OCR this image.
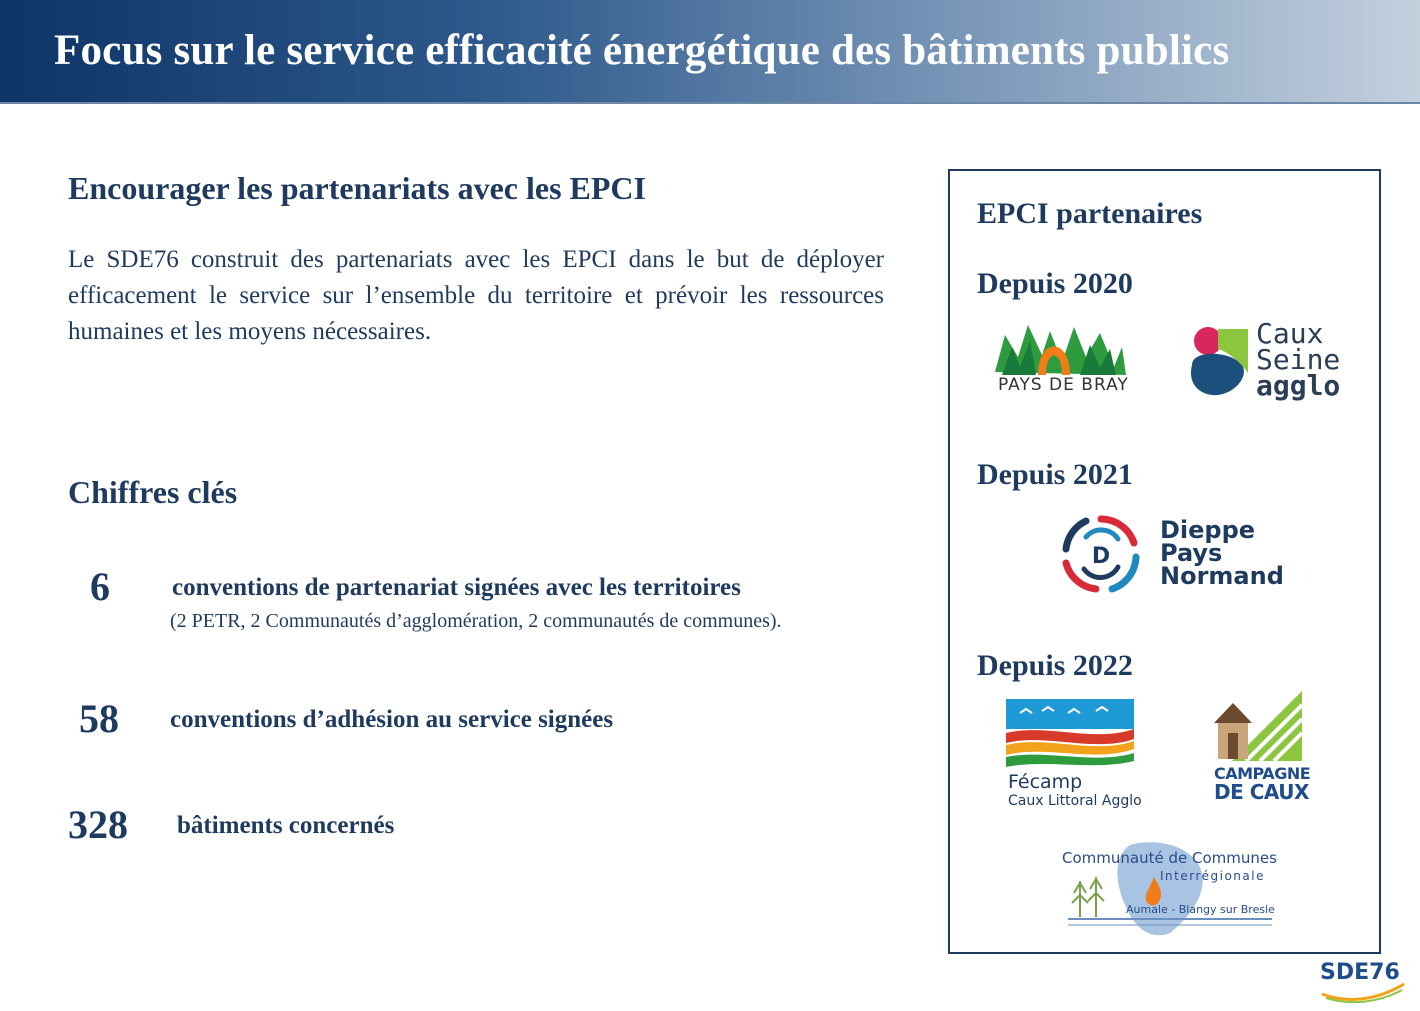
Focus sur le service efficacité énergétique des bâtiments publics
Encourager les partenariats avec les EPCI
Le SDE76 construit des partenariats avec les EPCI dans le but de déployer efficacement le service sur l’ensemble du territoire et prévoir les ressources humaines et les moyens nécessaires.
Chiffres clés
6 conventions de partenariat signées avec les territoires
(2 PETR, 2 Communautés d’agglomération, 2 communautés de communes).
58 conventions d’adhésion au service signées
328 bâtiments concernés
EPCI partenaires
Depuis 2020
PAYS DE BRAY
Caux
Seine
agglo
Depuis 2021
D
Dieppe
Pays
Normand
Depuis 2022
Fécamp
Caux Littoral Agglo
CAMPAGNE
DE CAUX
Communauté de Communes
Interrégionale
Aumale - Blangy sur Bresle
SDE76
